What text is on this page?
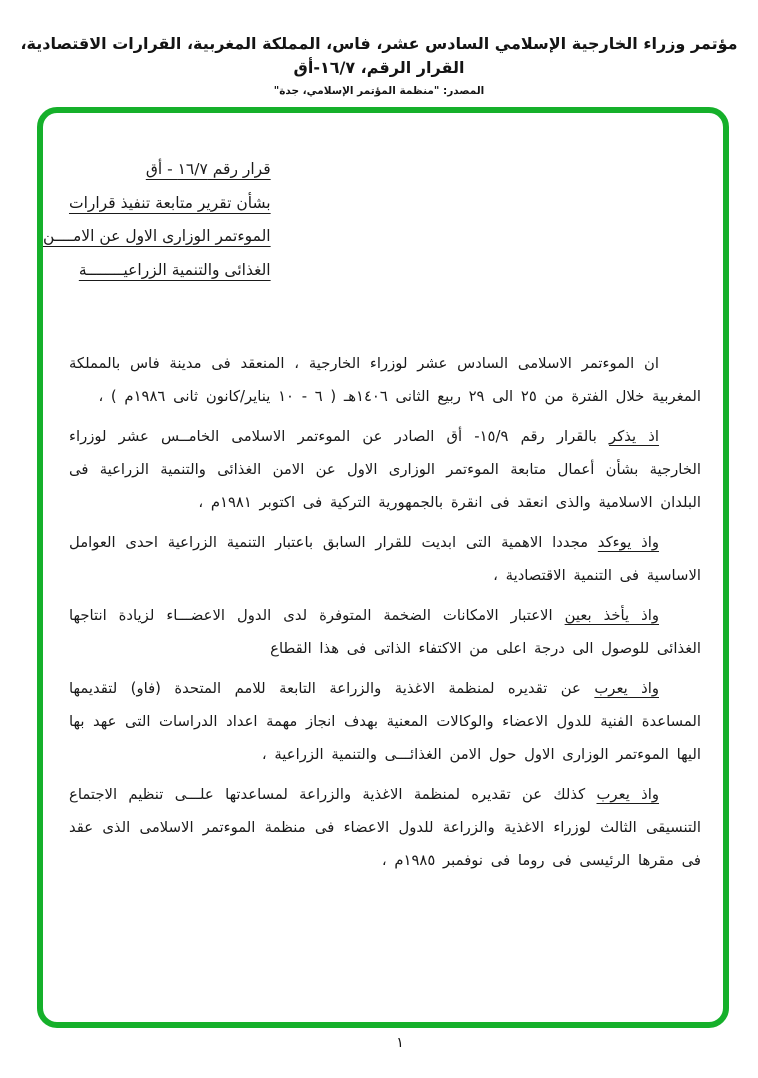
مؤتمر وزراء الخارجية الإسلامي السادس عشر، فاس، المملكة المغربية، القرارات الاقتصادية، القرار الرقم، ١٦/٧-أق
المصدر: "منظمة المؤتمر الإسلامي، جدة"
قرار رقم ١٦/٧ - أق
بشأن تقرير متابعة تنفيذ قرارات
الموءتمر الوزارى الاول عن الامــــن
الغذائى والتنمية الزراعيــــــــة

ان الموءتمر الاسلامى السادس عشر لوزراء الخارجية ، المنعقد فى مدينة فاس بالمملكة المغربية خلال الفترة من ٢٥ الى ٢٩ ربيع الثانى ١٤٠٦هـ ( ٦ - ١٠ يناير/كانون ثانى ١٩٨٦م ) ،

اذ يذكر بالقرار رقم ١٥/٩- أق الصادر عن الموءتمر الاسلامى الخامــس عشر لوزراء الخارجية بشأن أعمال متابعة الموءتمر الوزارى الاول عن الامن الغذائى والتنمية الزراعية فى البلدان الاسلامية والذى انعقد فى انقرة بالجمهورية التركية فى اكتوبر ١٩٨١م ،

واذ يوءكد مجددا الاهمية التى ابديت للقرار السابق باعتبار التنمية الزراعية احدى العوامل الاساسية فى التنمية الاقتصادية ،

واذ يأخذ بعين الاعتبار الامكانات الضخمة المتوفرة لدى الدول الاعضـــاء لزيادة انتاجها الغذائى للوصول الى درجة اعلى من الاكتفاء الذاتى فى هذا القطاع

واذ يعرب عن تقديره لمنظمة الاغذية والزراعة التابعة للامم المتحدة (فاو) لتقديمها المساعدة الفنية للدول الاعضاء والوكالات المعنية بهدف انجاز مهمة اعداد الدراسات التى عهد بها اليها الموءتمر الوزارى الاول حول الامن الغذائـــى والتنمية الزراعية ،

واذ يعرب كذلك عن تقديره لمنظمة الاغذية والزراعة لمساعدتها علـــى تنظيم الاجتماع التنسيقى الثالث لوزراء الاغذية والزراعة للدول الاعضاء فى منظمة الموءتمر الاسلامى الذى عقد فى مقرها الرئيسى فى روما فى نوفمبر ١٩٨٥م ،

١
